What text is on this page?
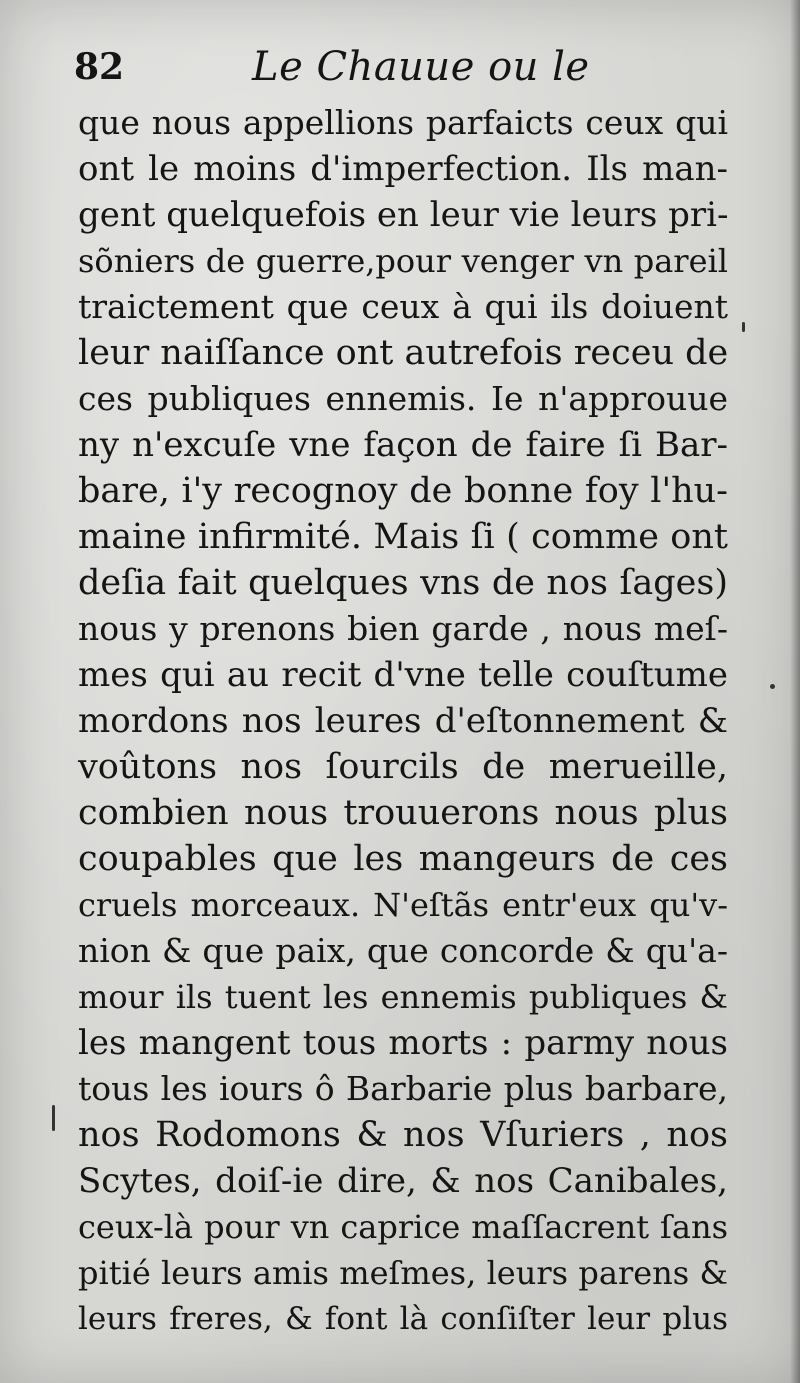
82	Le Chauue ou le
que nous appellions parfaicts ceux qui
ont le moins d'imperfection. Ils man-
gent quelquefois en leur vie leurs pri-
sõniers de guerre,pour venger vn pareil
traictement que ceux à qui ils doiuent
leur naiſſance ont autrefois receu de
ces publiques ennemis. Ie n'approuue
ny n'excuſe vne façon de faire ſi Bar-
bare, i'y recognoy de bonne foy l'hu-
maine infirmité. Mais ſi ( comme ont
deſia fait quelques vns de nos ſages)
nous y prenons bien garde , nous meſ-
mes qui au recit d'vne telle couſtume
mordons nos leures d'eſtonnement &
voûtons nos ſourcils de merueille,
combien nous trouuerons nous plus
coupables que les mangeurs de ces
cruels morceaux. N'eſtãs entr'eux qu'v-
nion & que paix, que concorde & qu'a-
mour ils tuent les ennemis publiques &
les mangent tous morts : parmy nous
tous les iours ô Barbarie plus barbare,
nos Rodomons & nos Vſuriers , nos
Scytes, doiſ-ie dire, & nos Canibales,
ceux-là pour vn caprice maſſacrent ſans
pitié leurs amis meſmes, leurs parens &
leurs freres, & font là conſiſter leur plus
